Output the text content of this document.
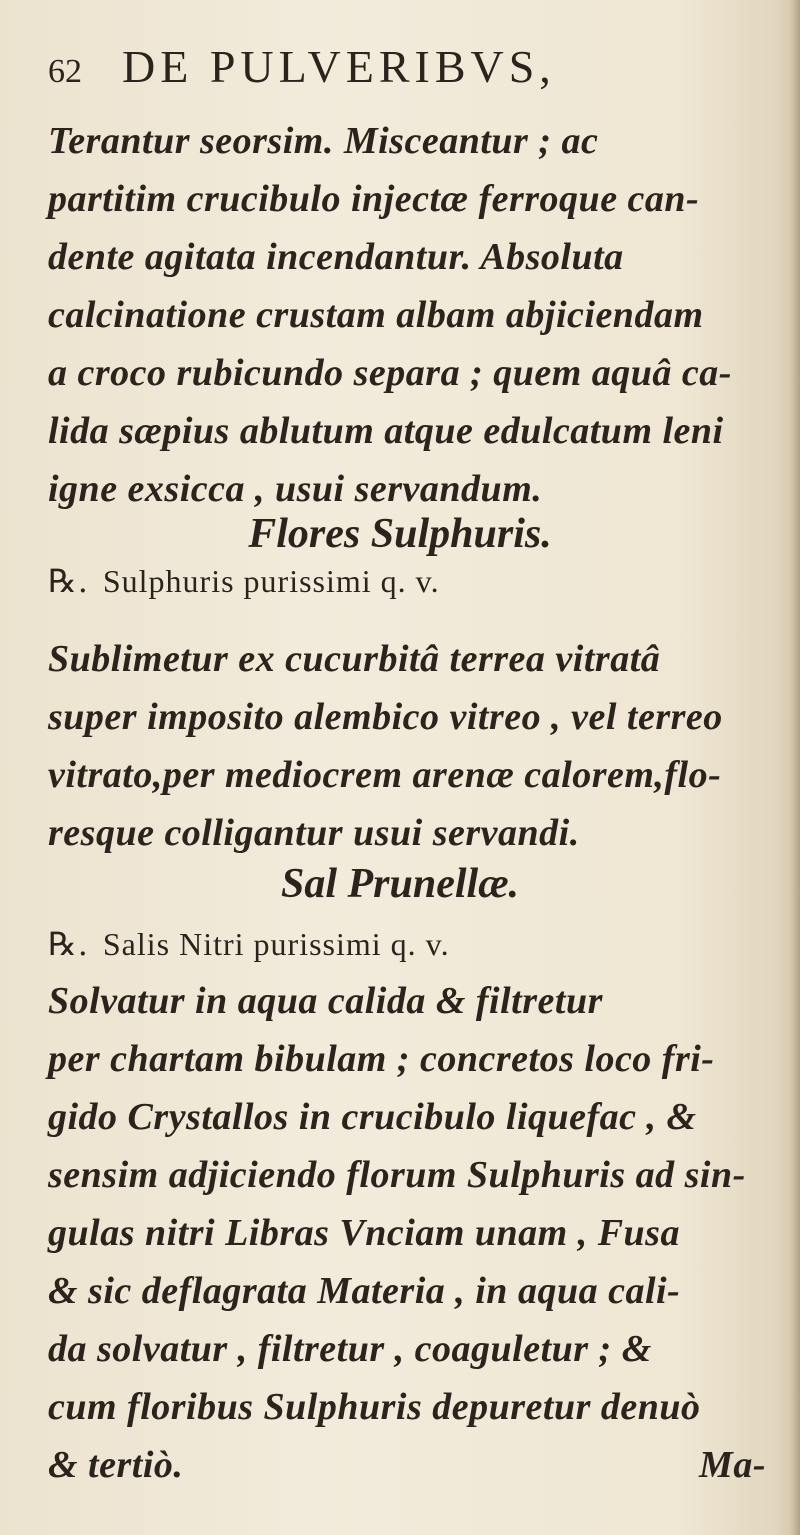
62 DE PULVERIBVS,
Terantur seorsim. Misceantur ; ac
partitim crucibulo injectæ ferroque can-
dente agitata incendantur. Absoluta
calcinatione crustam albam abjiciendam
a croco rubicundo separa ; quem aquâ ca-
lida sæpius ablutum atque edulcatum leni
igne exsicca , usui servandum.
Flores Sulphuris.
℞. Sulphuris purissimi q. v.
Sublimetur ex cucurbitâ terrea vitratâ
super imposito alembico vitreo , vel terreo
vitrato,per mediocrem arenæ calorem,flo-
resque colligantur usui servandi.
Sal Prunellæ.
℞. Salis Nitri purissimi q. v.
Solvatur in aqua calida & filtretur
per chartam bibulam ; concretos loco fri-
gido Crystallos in crucibulo liquefac , &
sensim adjiciendo florum Sulphuris ad sin-
gulas nitri Libras Vnciam unam , Fusa
& sic deflagrata Materia , in aqua cali-
da solvatur , filtretur , coaguletur ; &
cum floribus Sulphuris depuretur denuò
& tertiò.	Ma-
